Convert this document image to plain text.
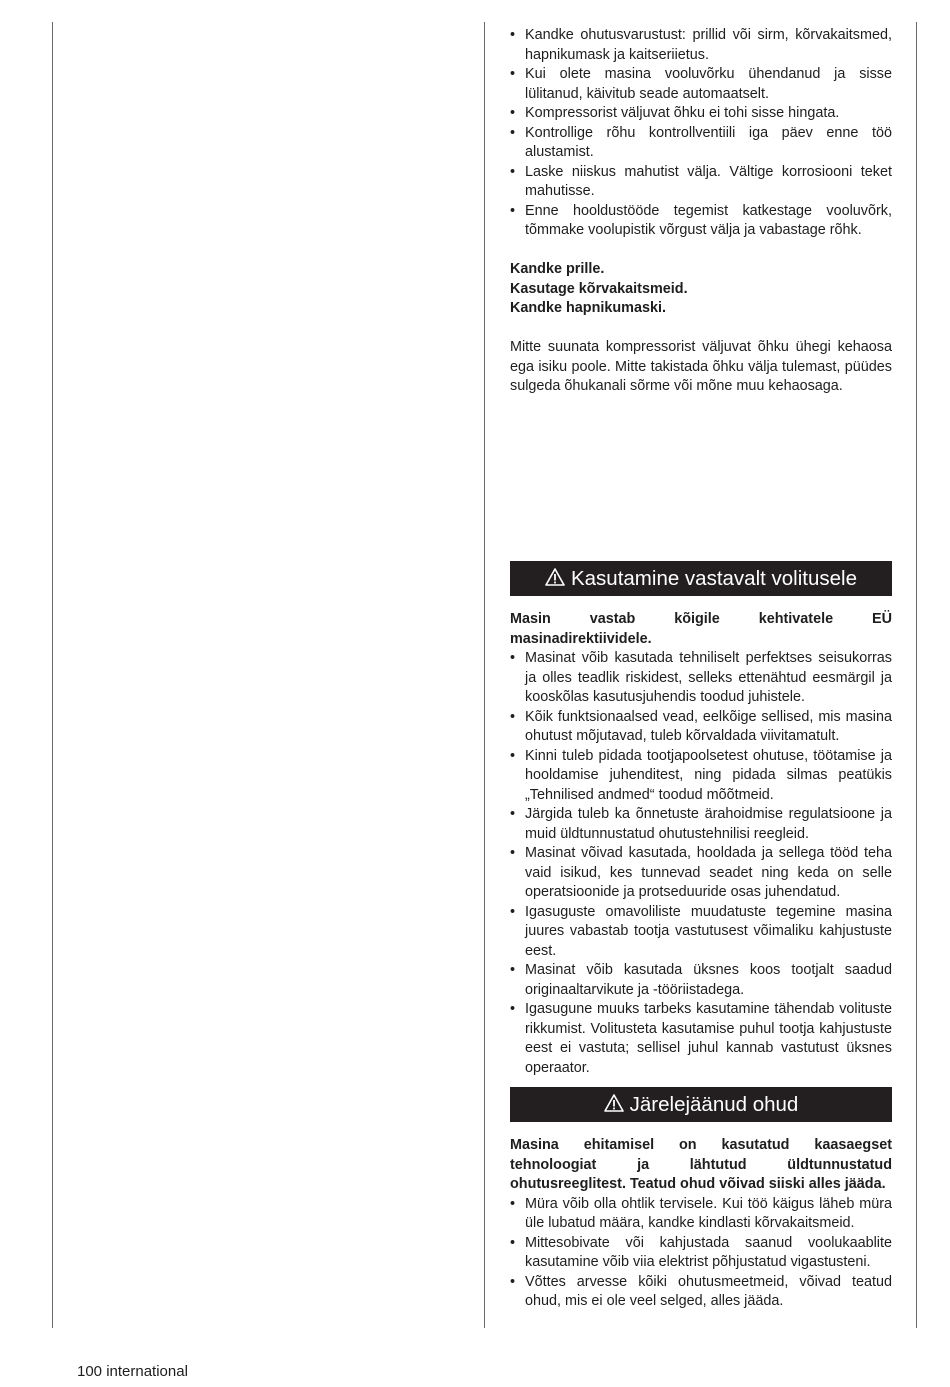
• Kandke ohutusvarustust: prillid või sirm, kõrvakaitsmed, hapnikumask ja kaitseriietus.
• Kui olete masina vooluvõrku ühendanud ja sisse lülitanud, käivitub seade automaatselt.
• Kompressorist väljuvat õhku ei tohi sisse hingata.
• Kontrollige rõhu kontrollventiili iga päev enne töö alustamist.
• Laske niiskus mahutist välja. Vältige korrosiooni teket mahutisse.
• Enne hooldustööde tegemist katkestage vooluvõrk, tõmmake voolupistik võrgust välja ja vabastage rõhk.

Kandke prille.

Kasutage kõrvakaitsmeid.

Kandke hapnikumaski.

Mitte suunata kompressorist väljuvat õhku ühegi kehaosa ega isiku poole. Mitte takistada õhku välja tulemast, püüdes sulgeda õhukanali sõrme või mõne muu kehaosaga.

Kasutamine vastavalt volitusele

Masin vastab kõigile kehtivatele EÜ masinadirektiividele.

• Masinat võib kasutada tehniliselt perfektses seisukorras ja olles teadlik riskidest, selleks ettenähtud eesmärgil ja kooskõlas kasutusjuhendis toodud juhistele.
• Kõik funktsionaalsed vead, eelkõige sellised, mis masina ohutust mõjutavad, tuleb kõrvaldada viivitamatult.
• Kinni tuleb pidada tootjapoolsetest ohutuse, töötamise ja hooldamise juhenditest, ning pidada silmas peatükis „Tehnilised andmed“ toodud mõõtmeid.
• Järgida tuleb ka õnnetuste ärahoidmise regulatsioone ja muid üldtunnustatud ohutustehnilisi reegleid.
• Masinat võivad kasutada, hooldada ja sellega tööd teha vaid isikud, kes tunnevad seadet ning keda on selle operatsioonide ja protseduuride osas juhendatud.
• Igasuguste omavoliliste muudatuste tegemine masina juures vabastab tootja vastutusest võimaliku kahjustuste eest.
• Masinat võib kasutada üksnes koos tootjalt saadud originaaltarvikute ja -tööriistadega.
• Igasugune muuks tarbeks kasutamine tähendab volituste rikkumist. Volitusteta kasutamise puhul tootja kahjustuste eest ei vastuta; sellisel juhul kannab vastutust üksnes operaator.
Järelejäänud ohud

Masina ehitamisel on kasutatud kaasaegset tehnoloogiat ja lähtutud üldtunnustatud ohutusreeglitest. Teatud ohud võivad siiski alles jääda.

• Müra võib olla ohtlik tervisele. Kui töö käigus läheb müra üle lubatud määra, kandke kindlasti kõrvakaitsmeid.
• Mittesobivate või kahjustada saanud voolukaablite kasutamine võib viia elektrist põhjustatud vigastusteni.
• Võttes arvesse kõiki ohutusmeetmeid, võivad teatud ohud, mis ei ole veel selged, alles jääda.
100 international
